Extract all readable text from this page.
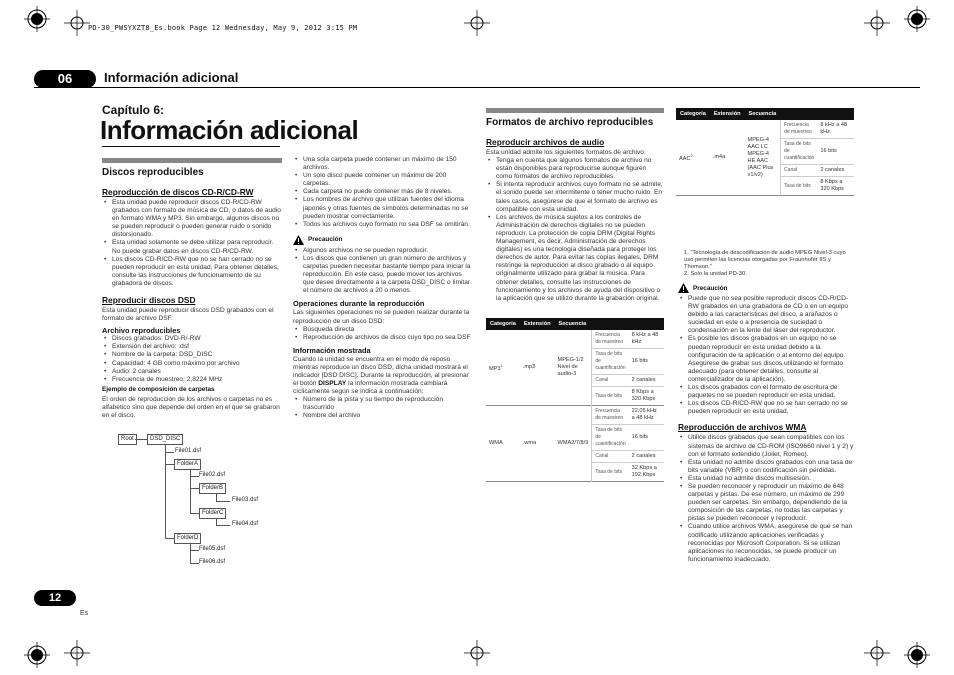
PD-30_PWSYXZT8_Es.book Page 12 Wednesday, May 9, 2012 3:15 PM
06	Información adicional
Capítulo 6:
Información adicional
Discos reproducibles
Reproducción de discos CD-R/CD-RW
• Esta unidad puede reproducir discos CD-R/CD-RW grabados con formato de música de CD, o datos de audio en formato WMA y MP3. Sin embargo, algunos discos no se pueden reproducir o pueden generar ruido o sonido distorsionado.
• Esta unidad solamente se debe utilizar para reproducir. No puede grabar datos en discos CD-R/CD-RW.
• Los discos CD-R/CD-RW que no se han cerrado no se pueden reproducir en esta unidad. Para obtener detalles, consulte las instrucciones de funcionamiento de su grabadora de discos.
Reproducir discos DSD
Esta unidad puede reproducir discos DSD grabados con el formato de archivo DSF.
Archivo reproducibles
• Discos grabados: DVD-R/-RW
• Extensión del archivo: .dsf
• Nombre de la carpeta: DSD_DISC
• Capacidad: 4 GB como máximo por archivo
• Audio: 2 canales
• Frecuencia de muestreo: 2,8224 MHz
Ejemplo de composición de carpetas
El orden de reproducción de los archivos o carpetas no es alfabético sino que depende del orden en el que se grabaron en el disco.
Root	DSD_DISC
File01.dsf
FolderA
File02.dsf
FolderB
File03.dsf
FolderC
File04.dsf
FolderD
File05.dsf
File06.dsf
• Una sola carpeta puede contener un máximo de 150 archivos.
• Un solo disco puede contener un máximo de 200 carpetas.
• Cada carpeta no puede contener más de 8 niveles.
• Los nombres de archivo que utilizan fuentes del idioma japonés y otras fuentes de símbolos determinadas no se pueden mostrar correctamente.
• Todos los archivos cuyo formato no sea DSF se omitirán.
Precaución
• Algunos archivos no se pueden reproducir.
• Los discos que contienen un gran número de archivos y carpetas pueden necesitar bastante tiempo para iniciar la reproducción. En este caso, puede mover los archivos que desee directamente a la carpeta DSD_DISC o limitar el número de archivos a 20 o menos.
Operaciones durante la reproducción
Las siguientes operaciones no se pueden realizar durante la reproducción de un disco DSD:
• Búsqueda directa
• Reproducción de archivos de disco cuyo tipo no sea DSF
Información mostrada
Cuando la unidad se encuentra en el modo de reposo mientras reproduce un disco DSD, dicha unidad mostrará el indicador [DSD DISC]. Durante la reproducción, al presionar el botón DISPLAY la información mostrada cambiará cíclicamente según se indica a continuación:
• Número de la pista y su tiempo de reproducción trascurrido
• Nombre del archivo
Formatos de archivo reproducibles
Reproducir archivos de audio
Esta unidad admite los siguientes formatos de archivo.
• Tenga en cuenta que algunos formatos de archivo no están disponibles para reproducirse aunque figuren como formatos de archivo reproducibles.
• Si intenta reproducir archivos cuyo formato no se admite, el sonido puede ser intermitente o tener mucho ruido. En tales casos, asegúrese de que el formato de archivo es compatible con esta unidad.
• Los archivos de música sujetos a los controles de Administración de derechos digitales no se pueden reproducir. La protección de copia DRM (Digital Rights Management, es decir, Administración de derechos digitales) es una tecnología diseñada para proteger los derechos de autor. Para evitar las copias ilegales, DRM restringe la reproducción al disco grabado o al equipo originalmente utilizado para grabar la música. Para obtener detalles, consulte las instrucciones de funcionamiento y los archivos de ayuda del dispositivo o la aplicación que se utilizó durante la grabación original.
Categoría	Extensión	Secuencia		
$MP3^1$	.mp3	MPEG-1/2 Nivel de audio-3	Frecuencia de muestreo	8 kHz a 48 kHz
			Tasa de bits de cuantificación	16 bits
			Canal	2 canales
			Tasa de bits	8 Kbps a 320 Kbps
WMA	.wma	WMA2/7/8/9	Frecuencia de muestreo	22,05 kHz a 48 kHz
			Tasa de bits de cuantificación	16 bits
			Canal	2 canales
			Tasa de bits	32 Kbps a 192 Kbps
Categoría	Extensión	Secuencia		
AAC$^2$	.m4a	MPEG-4 AAC LC MPEG-4 HE AAC (AAC Plus v1/v2)	Frecuencia de muestreo	8 kHz a 48 kHz
			Tasa de bits de cuantificación	16 bits
			Canal	2 canales
			Tasa de bits	8 Kbps a 320 Kbps
1. “Tecnología de descodificación de audio MPEG Nivel-3 cuyo uso permiten las licencias otorgadas por Fraunhofer IIS y Thomson.”
2. Solo la unidad PD-30.
Precaución
• Puede que no sea posible reproducir discos CD-R/CD-RW grabados en una grabadora de CD o en un equipo debido a las características del disco, a arañazos o suciedad en este o a presencia de suciedad o condensación en la lente del láser del reproductor.
• Es posible los discos grabados en un equipo no se puedan reproducir en esta unidad debido a la configuración de la aplicación o al entorno del equipo. Asegúrese de grabar sus discos utilizando el formato adecuado (para obtener detalles, consulte al comercializador de la aplicación).
• Los discos grabados con el formato de escritura de paquetes no se pueden reproducir en esta unidad.
• Los discos CD-R/CD-RW que no se han cerrado no se pueden reproducir en esta unidad.
Reproducción de archivos WMA
• Utilice discos grabados que sean compatibles con los sistemas de archivo de CD-ROM (ISO9660 nivel 1 y 2) y con el formato extendido (Joliet, Romeo).
• Esta unidad no admite discos grabados con una tasa de bits variable (VBR) o con codificación sin pérdidas.
• Esta unidad no admite discos multisesión.
• Se pueden reconocer y reproducir un máximo de 648 carpetas y pistas. De ese número, un máximo de 299 pueden ser carpetas. Sin embargo, dependiendo de la composición de las carpetas, no todas las carpetas y pistas se pueden reconocer y reproducir.
• Cuando utilice archivos WMA, asegúrese de que se han codificado utilizando aplicaciones verificadas y reconocidas por Microsoft Corporation. Si se utilizan aplicaciones no reconocidas, se puede producir un funcionamiento inadecuado.
12
Es
